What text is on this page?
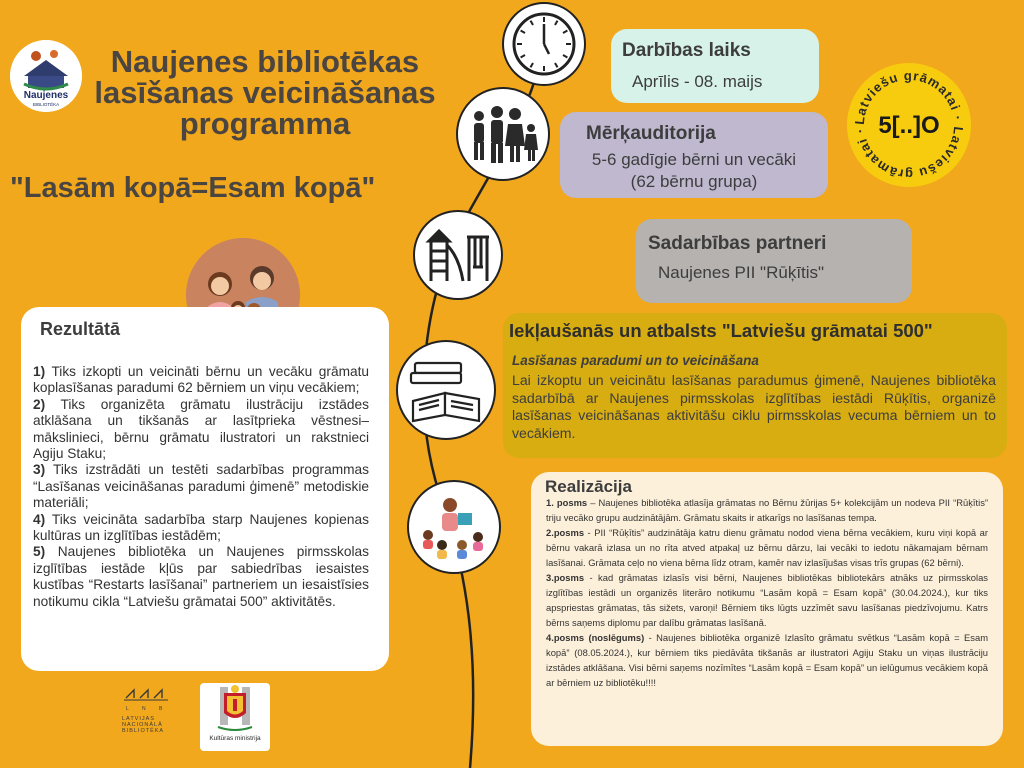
Naujenes
BIBLIOTĒKA
Naujenes bibliotēkas
lasīšanas veicināšanas
programma
"Lasām kopā=Esam kopā"
Darbības laiks

Aprīlis - 08. maijs

Mērķauditorija

5-6 gadīgie bērni un vecāki

(62 bērnu grupa)

Sadarbības partneri

Naujenes PII "Rūķītis"

Latviešu grāmatai · Latviešu grāmatai · 5[..]O
Iekļaušanās un atbalsts "Latviešu grāmatai 500"

Lasīšanas paradumi un to veicināšana

Lai izkoptu un veicinātu lasīšanas paradumus ģimenē, Naujenes bibliotēka sadarbībā ar Naujenes pirmsskolas izglītības iestādi Rūķītis, organizē lasīšanas veicināšanas aktivitāšu ciklu pirmsskolas vecuma bērniem un to vecākiem.

Rezultātā
1) Tiks izkopti un veicināti bērnu un vecāku grāmatu koplasīšanas paradumi 62 bērniem un viņu vecākiem;
2) Tiks organizēta grāmatu ilustrāciju izstādes atklāšana un tikšanās ar lasītprieka vēstnesi–mākslinieci, bērnu grāmatu ilustratori un rakstnieci Agiju Staku;
3) Tiks izstrādāti un testēti sadarbības programmas “Lasīšanas veicināšanas paradumi ģimenē” metodiskie materiāli;
4) Tiks veicināta sadarbība starp Naujenes kopienas kultūras un izglītības iestādēm;
5) Naujenes bibliotēka un Naujenes pirmsskolas izglītības iestāde kļūs par sabiedrības iesaistes kustības “Restarts lasīšanai” partneriem un iesaistīsies notikumu cikla “Latviešu grāmatai 500” aktivitātēs.
Realizācija
1. posms – Naujenes bibliotēka atlasīja grāmatas no Bērnu žūrijas 5+ kolekcijām un nodeva PII “Rūķītis” triju vecāko grupu audzinātājām. Grāmatu skaits ir atkarīgs no lasīšanas tempa.
2.posms - PII “Rūķītis” audzinātāja katru dienu grāmatu nodod viena bērna vecākiem, kuru viņi kopā ar bērnu vakarā izlasa un no rīta atved atpakaļ uz bērnu dārzu, lai vecāki to iedotu nākamajam bērnam lasīšanai. Grāmata ceļo no viena bērna līdz otram, kamēr nav izlasījušas visas trīs grupas (62 bērni).
3.posms - kad grāmatas izlasīs visi bērni, Naujenes bibliotēkas bibliotekārs atnāks uz pirmsskolas izglītības iestādi un organizēs literāro notikumu “Lasām kopā = Esam kopā” (30.04.2024.), kur tiks apspriestas grāmatas, tās sižets, varoņi! Bērniem tiks lūgts uzzīmēt savu lasīšanas piedzīvojumu. Katrs bērns saņems diplomu par dalību grāmatas lasīšanā.
4.posms (noslēgums) - Naujenes bibliotēka organizē Izlasīto grāmatu svētkus “Lasām kopā = Esam kopā” (08.05.2024.), kur bērniem tiks piedāvāta tikšanās ar ilustratori Agiju Staku un viņas ilustrāciju izstādes atklāšana. Visi bērni saņems nozīmītes “Lasām kopā = Esam kopā” un ielūgumus vecākiem kopā ar bērniem uz bibliotēku!!!!
L N B
LATVIJAS
NACIONĀLĀ
BIBLIOTĒKA
Kultūras ministrija
